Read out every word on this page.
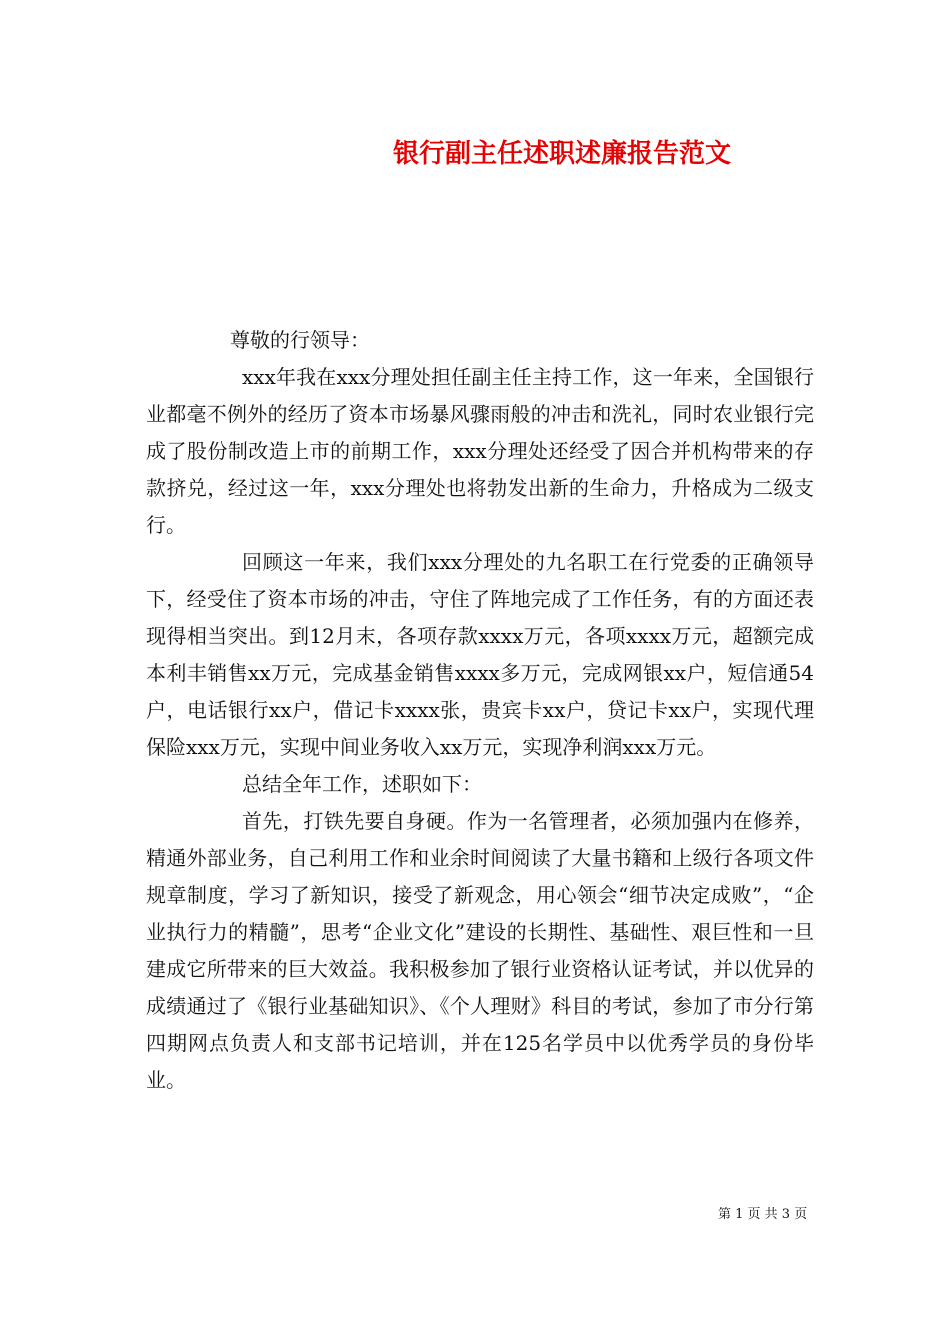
银行副主任述职述廉报告范文

尊敬的行领导：

xxx年我在xxx分理处担任副主任主持工作，这一年来，全国银行业都毫不例外的经历了资本市场暴风骤雨般的冲击和洗礼，同时农业银行完成了股份制改造上市的前期工作，xxx分理处还经受了因合并机构带来的存款挤兑，经过这一年，xxx分理处也将勃发出新的生命力，升格成为二级支行。

回顾这一年来，我们xxx分理处的九名职工在行党委的正确领导下，经受住了资本市场的冲击，守住了阵地完成了工作任务，有的方面还表现得相当突出。到12月末，各项存款xxxx万元，各项xxxx万元，超额完成本利丰销售xx万元，完成基金销售xxxx多万元，完成网银xx户，短信通54户，电话银行xx户，借记卡xxxx张，贵宾卡xx户，贷记卡xx户，实现代理保险xxx万元，实现中间业务收入xx万元，实现净利润xxx万元。

总结全年工作，述职如下：

首先，打铁先要自身硬。作为一名管理者，必须加强内在修养，精通外部业务，自己利用工作和业余时间阅读了大量书籍和上级行各项文件规章制度，学习了新知识，接受了新观念，用心领会“细节决定成败”，“企业执行力的精髓”，思考“企业文化”建设的长期性、基础性、艰巨性和一旦建成它所带来的巨大效益。我积极参加了银行业资格认证考试，并以优异的成绩通过了《银行业基础知识》、《个人理财》科目的考试，参加了市分行第四期网点负责人和支部书记培训，并在125名学员中以优秀学员的身份毕业。

第 1 页 共 3 页
